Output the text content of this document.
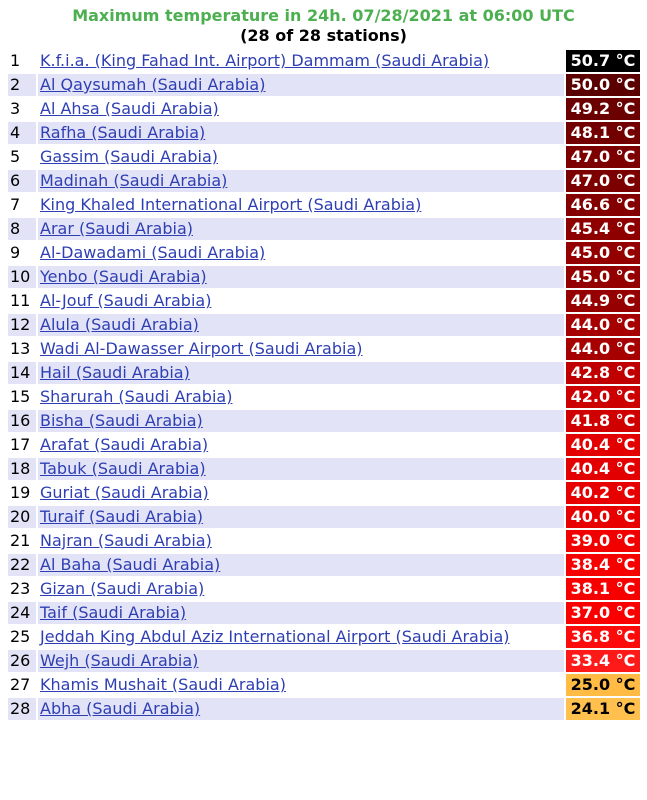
Maximum temperature in 24h. 07/28/2021 at 06:00 UTC
(28 of 28 stations)
1	K.f.i.a. (King Fahad Int. Airport) Dammam (Saudi Arabia)	50.7 °C
2	Al Qaysumah (Saudi Arabia)	50.0 °C
3	Al Ahsa (Saudi Arabia)	49.2 °C
4	Rafha (Saudi Arabia)	48.1 °C
5	Gassim (Saudi Arabia)	47.0 °C
6	Madinah (Saudi Arabia)	47.0 °C
7	King Khaled International Airport (Saudi Arabia)	46.6 °C
8	Arar (Saudi Arabia)	45.4 °C
9	Al-Dawadami (Saudi Arabia)	45.0 °C
10	Yenbo (Saudi Arabia)	45.0 °C
11	Al-Jouf (Saudi Arabia)	44.9 °C
12	Alula (Saudi Arabia)	44.0 °C
13	Wadi Al-Dawasser Airport (Saudi Arabia)	44.0 °C
14	Hail (Saudi Arabia)	42.8 °C
15	Sharurah (Saudi Arabia)	42.0 °C
16	Bisha (Saudi Arabia)	41.8 °C
17	Arafat (Saudi Arabia)	40.4 °C
18	Tabuk (Saudi Arabia)	40.4 °C
19	Guriat (Saudi Arabia)	40.2 °C
20	Turaif (Saudi Arabia)	40.0 °C
21	Najran (Saudi Arabia)	39.0 °C
22	Al Baha (Saudi Arabia)	38.4 °C
23	Gizan (Saudi Arabia)	38.1 °C
24	Taif (Saudi Arabia)	37.0 °C
25	Jeddah King Abdul Aziz International Airport (Saudi Arabia)	36.8 °C
26	Wejh (Saudi Arabia)	33.4 °C
27	Khamis Mushait (Saudi Arabia)	25.0 °C
28	Abha (Saudi Arabia)	24.1 °C
